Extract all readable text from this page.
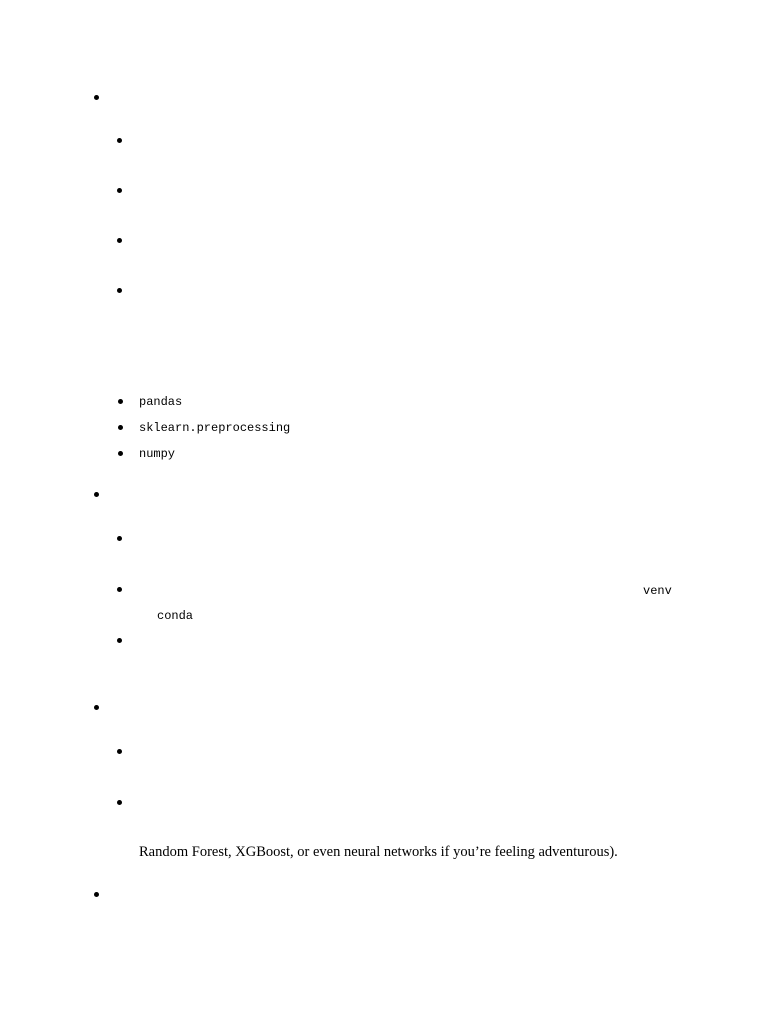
pandas
sklearn.preprocessing
numpy
venv
conda
Random Forest, XGBoost, or even neural networks if you’re feeling adventurous).
